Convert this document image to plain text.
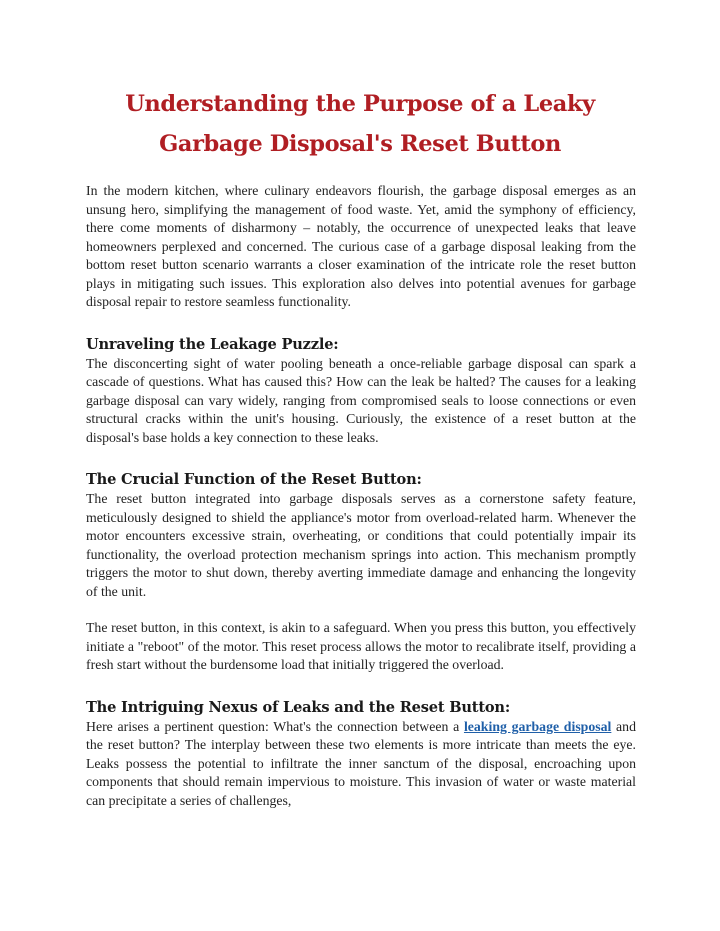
Understanding the Purpose of a Leaky
Garbage Disposal's Reset Button

In the modern kitchen, where culinary endeavors flourish, the garbage disposal emerges as an unsung hero, simplifying the management of food waste. Yet, amid the symphony of efficiency, there come moments of disharmony – notably, the occurrence of unexpected leaks that leave homeowners perplexed and concerned. The curious case of a garbage disposal leaking from the bottom reset button scenario warrants a closer examination of the intricate role the reset button plays in mitigating such issues. This exploration also delves into potential avenues for garbage disposal repair to restore seamless functionality.

Unraveling the Leakage Puzzle:

The disconcerting sight of water pooling beneath a once-reliable garbage disposal can spark a cascade of questions. What has caused this? How can the leak be halted? The causes for a leaking garbage disposal can vary widely, ranging from compromised seals to loose connections or even structural cracks within the unit's housing. Curiously, the existence of a reset button at the disposal's base holds a key connection to these leaks.

The Crucial Function of the Reset Button:

The reset button integrated into garbage disposals serves as a cornerstone safety feature, meticulously designed to shield the appliance's motor from overload-related harm. Whenever the motor encounters excessive strain, overheating, or conditions that could potentially impair its functionality, the overload protection mechanism springs into action. This mechanism promptly triggers the motor to shut down, thereby averting immediate damage and enhancing the longevity of the unit.

The reset button, in this context, is akin to a safeguard. When you press this button, you effectively initiate a "reboot" of the motor. This reset process allows the motor to recalibrate itself, providing a fresh start without the burdensome load that initially triggered the overload.

The Intriguing Nexus of Leaks and the Reset Button:

Here arises a pertinent question: What's the connection between a leaking garbage disposal and the reset button? The interplay between these two elements is more intricate than meets the eye. Leaks possess the potential to infiltrate the inner sanctum of the disposal, encroaching upon components that should remain impervious to moisture. This invasion of water or waste material can precipitate a series of challenges,
